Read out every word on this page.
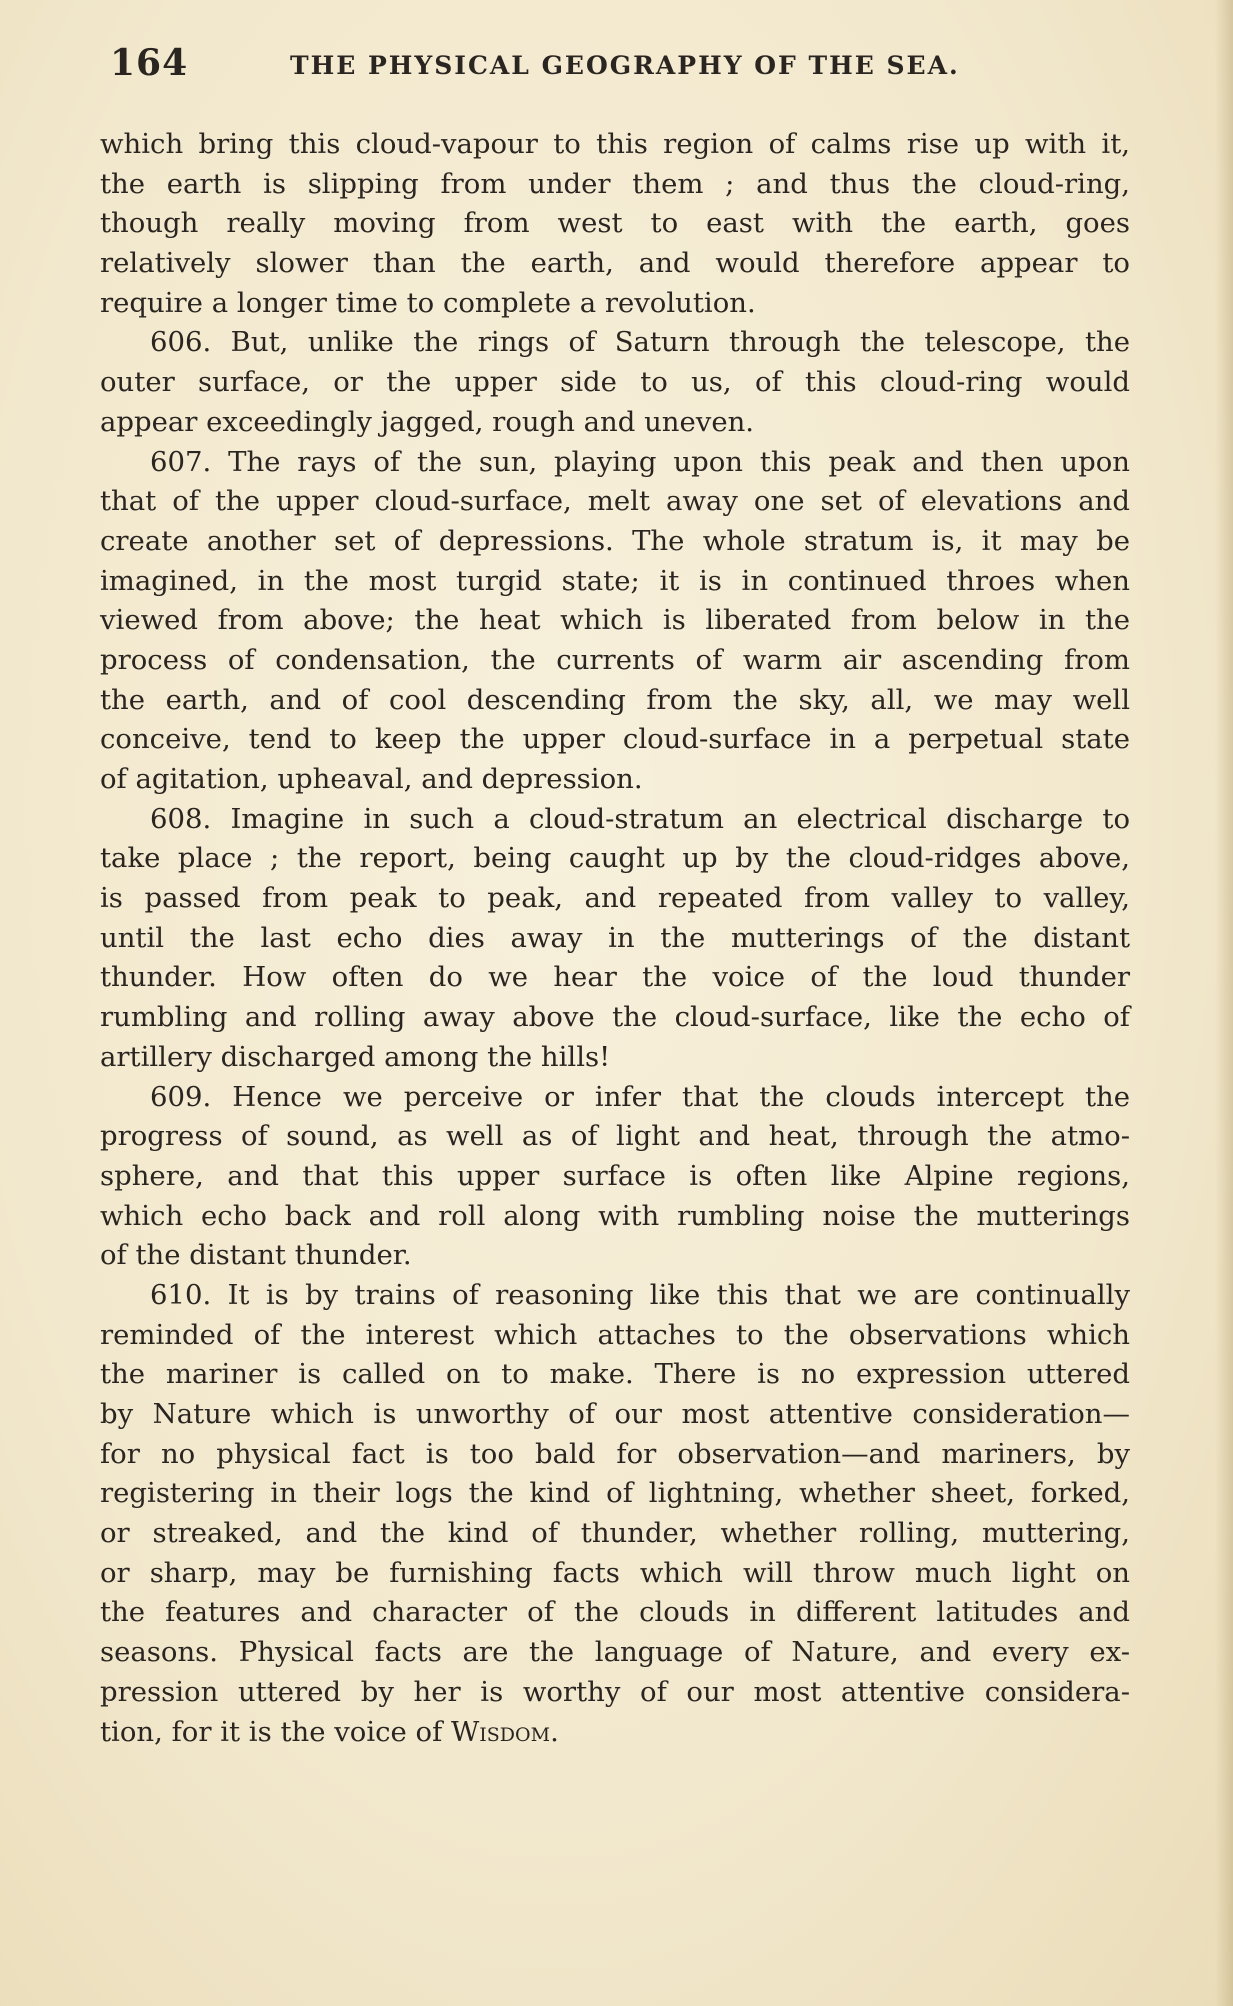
164	THE PHYSICAL GEOGRAPHY OF THE SEA.
which bring this cloud-vapour to this region of calms rise up with it,
the earth is slipping from under them ; and thus the cloud-ring,
though really moving from west to east with the earth, goes
relatively slower than the earth, and would therefore appear to
require a longer time to complete a revolution.
606. But, unlike the rings of Saturn through the telescope, the
outer surface, or the upper side to us, of this cloud-ring would
appear exceedingly jagged, rough and uneven.
607. The rays of the sun, playing upon this peak and then upon
that of the upper cloud-surface, melt away one set of elevations and
create another set of depressions. The whole stratum is, it may be
imagined, in the most turgid state; it is in continued throes when
viewed from above; the heat which is liberated from below in the
process of condensation, the currents of warm air ascending from
the earth, and of cool descending from the sky, all, we may well
conceive, tend to keep the upper cloud-surface in a perpetual state
of agitation, upheaval, and depression.
608. Imagine in such a cloud-stratum an electrical discharge to
take place ; the report, being caught up by the cloud-ridges above,
is passed from peak to peak, and repeated from valley to valley,
until the last echo dies away in the mutterings of the distant
thunder. How often do we hear the voice of the loud thunder
rumbling and rolling away above the cloud-surface, like the echo of
artillery discharged among the hills!
609. Hence we perceive or infer that the clouds intercept the
progress of sound, as well as of light and heat, through the atmo-
sphere, and that this upper surface is often like Alpine regions,
which echo back and roll along with rumbling noise the mutterings
of the distant thunder.
610. It is by trains of reasoning like this that we are continually
reminded of the interest which attaches to the observations which
the mariner is called on to make. There is no expression uttered
by Nature which is unworthy of our most attentive consideration—
for no physical fact is too bald for observation—and mariners, by
registering in their logs the kind of lightning, whether sheet, forked,
or streaked, and the kind of thunder, whether rolling, muttering,
or sharp, may be furnishing facts which will throw much light on
the features and character of the clouds in different latitudes and
seasons. Physical facts are the language of Nature, and every ex-
pression uttered by her is worthy of our most attentive considera-
tion, for it is the voice of Wisdom.
